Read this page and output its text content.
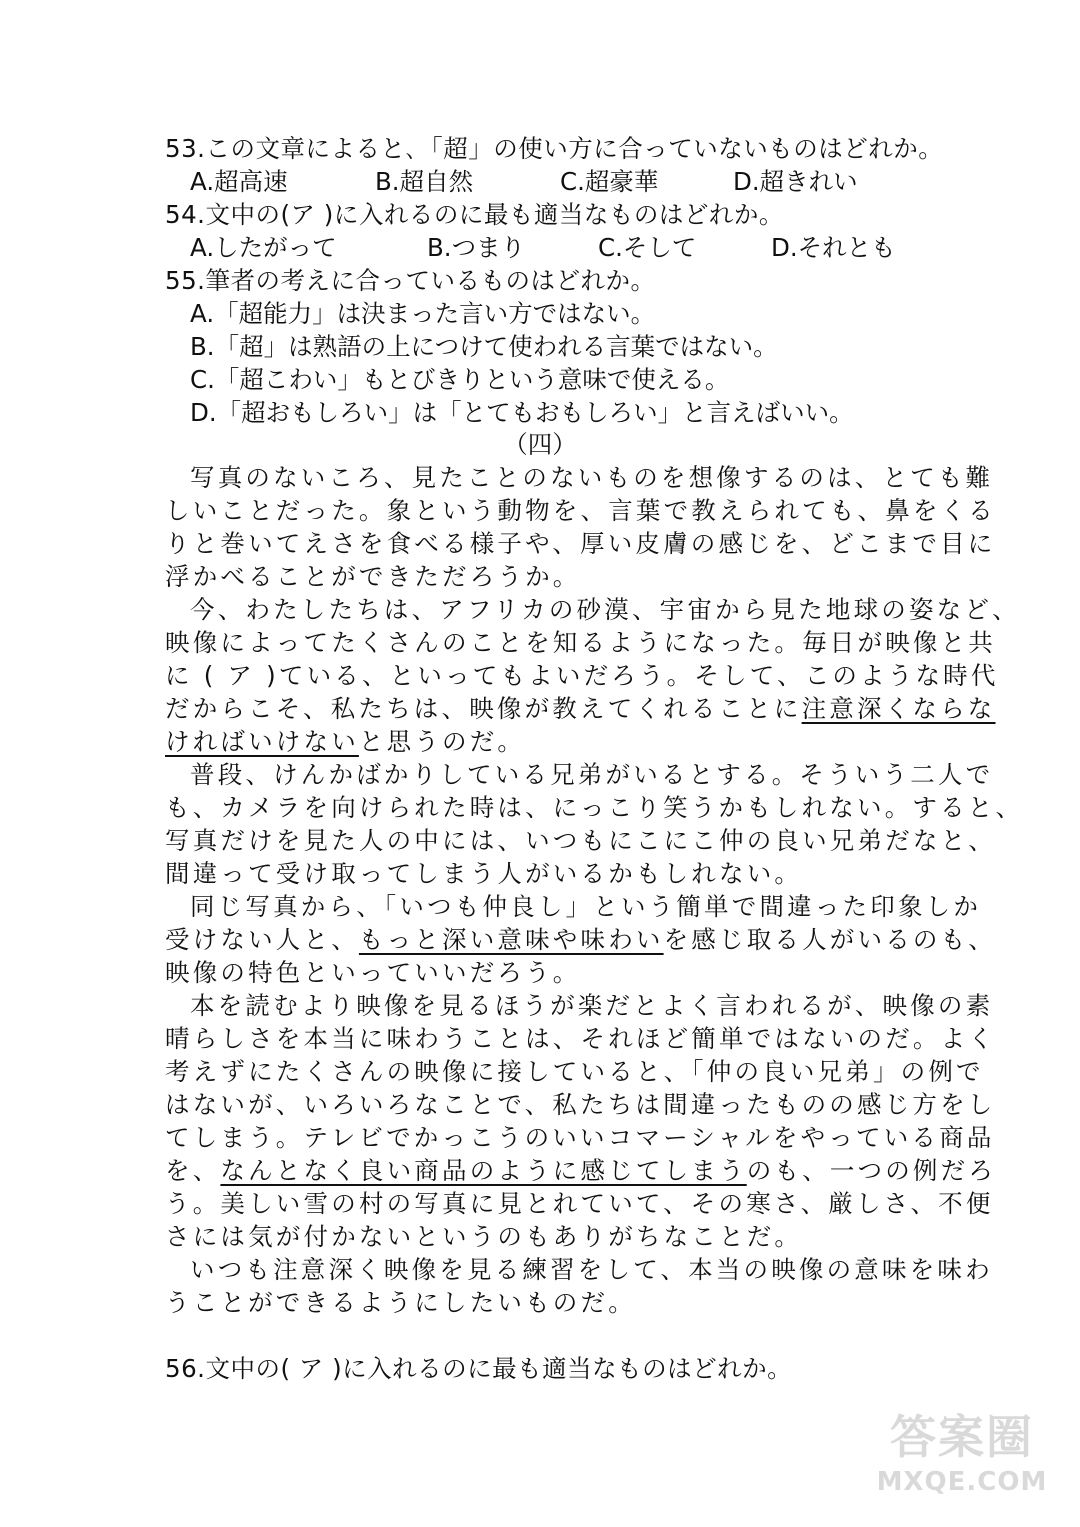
53.この文章によると､「超」の使い方に合っていないものはどれか。
A.超高速	B.超自然	C.超豪華	D.超きれい
54.文中の(ア )に入れるのに最も適当なものはどれか。
A.したがって	B.つまり	C.そして	D.それとも
55.筆者の考えに合っているものはどれか。
A.「超能力」は決まった言い方ではない。
B.「超」は熟語の上につけて使われる言葉ではない。
C.「超こわい」もとびきりという意味で使える。
D.「超おもしろい」は「とてもおもしろい」と言えばいい。
（四）
写真のないころ、見たことのないものを想像するのは、とても難
しいことだった。象という動物を、言葉で教えられても、鼻をくる
りと巻いてえさを食べる様子や、厚い皮膚の感じを、どこまで目に
浮かべることができただろうか。
今、わたしたちは、アフリカの砂漠、宇宙から見た地球の姿など、
映像によってたくさんのことを知るようになった。毎日が映像と共
に ( ア )ている、といってもよいだろう。そして、このような時代
だからこそ、私たちは、映像が教えてくれることに注意深くならな
ければいけないと思うのだ。
普段、けんかばかりしている兄弟がいるとする。そういう二人で
も、カメラを向けられた時は、にっこり笑うかもしれない。すると、
写真だけを見た人の中には、いつもにこにこ仲の良い兄弟だなと、
間違って受け取ってしまう人がいるかもしれない。
同じ写真から、「いつも仲良し」という簡単で間違った印象しか
受けない人と、もっと深い意味や味わいを感じ取る人がいるのも、
映像の特色といっていいだろう。
本を読むより映像を見るほうが楽だとよく言われるが、映像の素
晴らしさを本当に味わうことは、それほど簡単ではないのだ。よく
考えずにたくさんの映像に接していると、「仲の良い兄弟」の例で
はないが、いろいろなことで、私たちは間違ったものの感じ方をし
てしまう。テレビでかっこうのいいコマーシャルをやっている商品
を、なんとなく良い商品のように感じてしまうのも、一つの例だろ
う。美しい雪の村の写真に見とれていて、その寒さ、厳しさ、不便
さには気が付かないというのもありがちなことだ。
いつも注意深く映像を見る練習をして、本当の映像の意味を味わ
うことができるようにしたいものだ。
56.文中の( ア )に入れるのに最も適当なものはどれか。
答案圈
MXQE.COM
